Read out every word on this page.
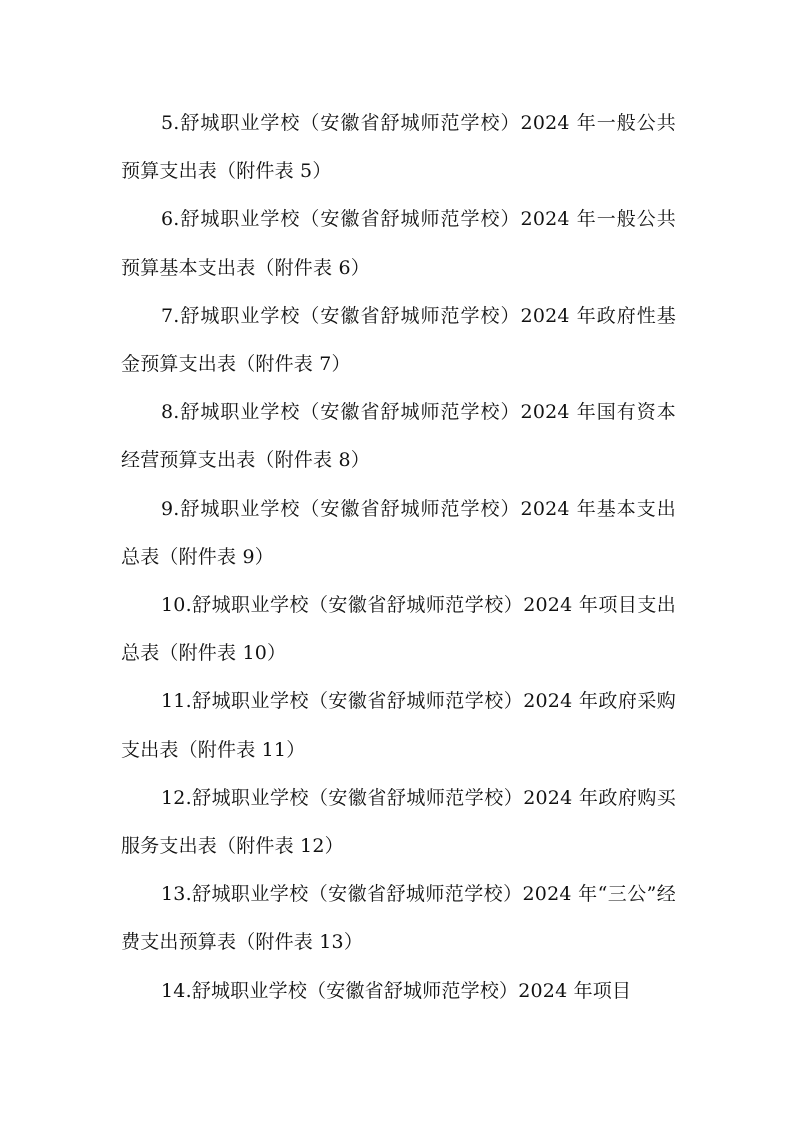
5.舒城职业学校（安徽省舒城师范学校）2024 年一般公共预算支出表（附件表 5）

6.舒城职业学校（安徽省舒城师范学校）2024 年一般公共预算基本支出表（附件表 6）

7.舒城职业学校（安徽省舒城师范学校）2024 年政府性基金预算支出表（附件表 7）

8.舒城职业学校（安徽省舒城师范学校）2024 年国有资本经营预算支出表（附件表 8）

9.舒城职业学校（安徽省舒城师范学校）2024 年基本支出总表（附件表 9）

10.舒城职业学校（安徽省舒城师范学校）2024 年项目支出总表（附件表 10）

11.舒城职业学校（安徽省舒城师范学校）2024 年政府采购支出表（附件表 11）

12.舒城职业学校（安徽省舒城师范学校）2024 年政府购买服务支出表（附件表 12）

13.舒城职业学校（安徽省舒城师范学校）2024 年“三公”经费支出预算表（附件表 13）

14.舒城职业学校（安徽省舒城师范学校）2024 年项目
